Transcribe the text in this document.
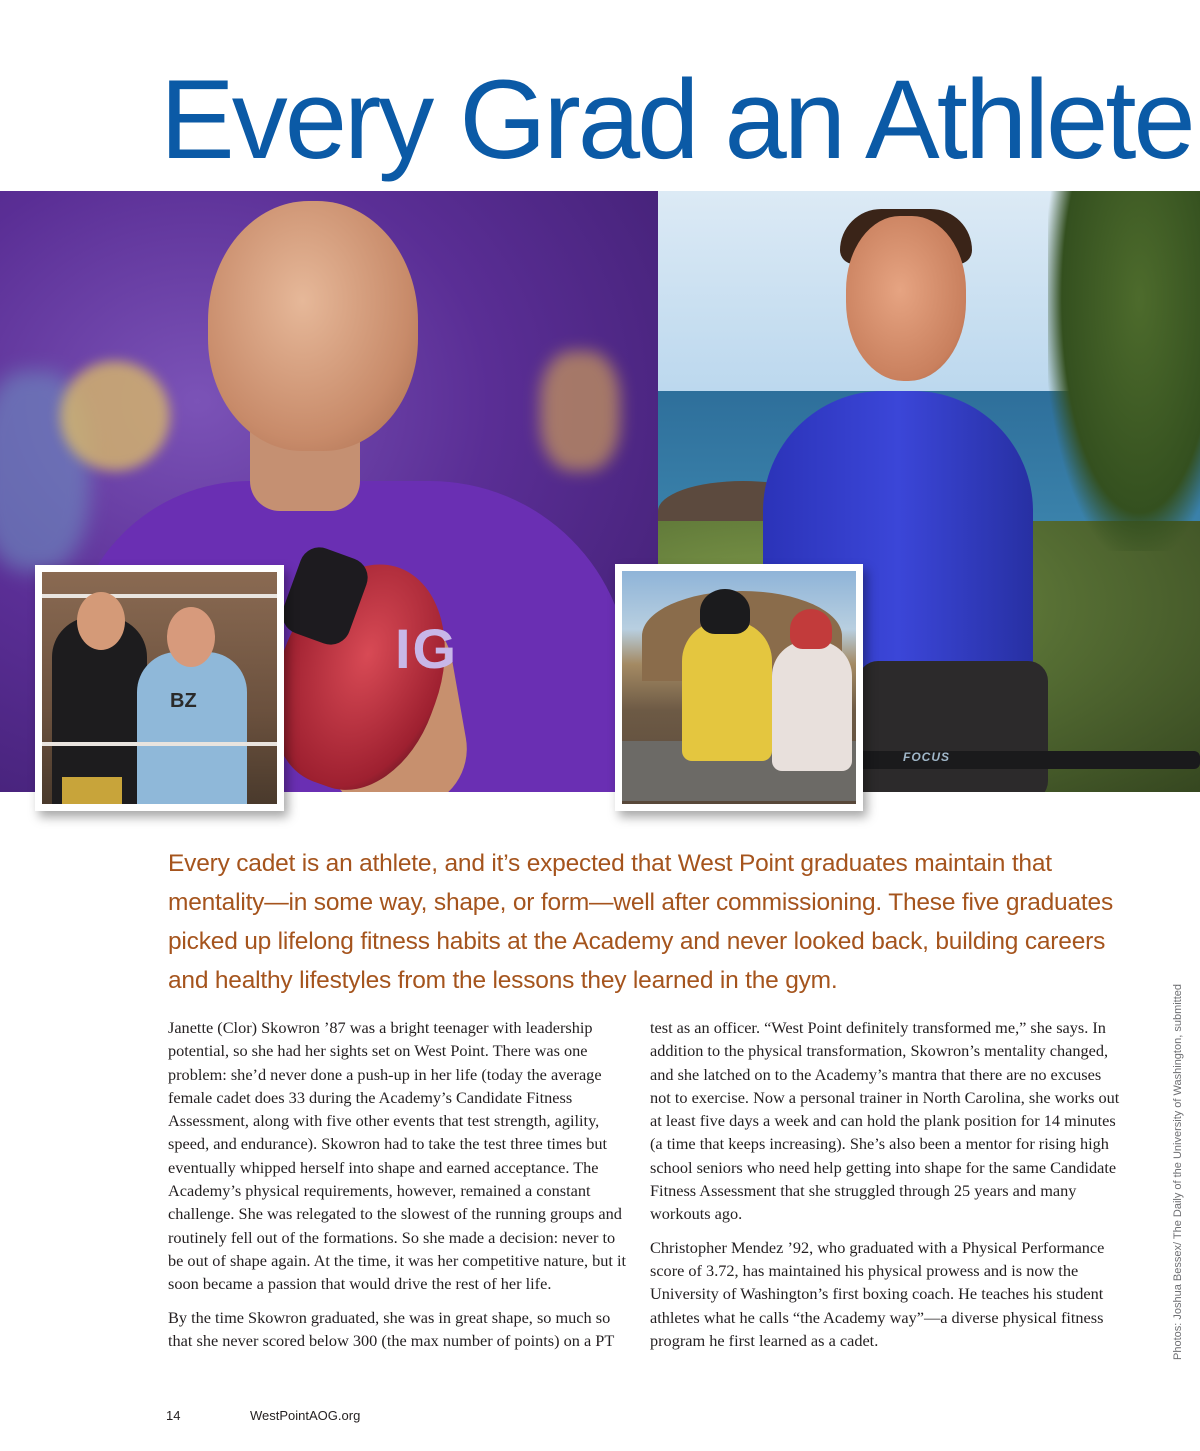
Every Grad an Athlete
IG
FOCUS
BZ

Every cadet is an athlete, and it’s expected that West Point graduates maintain that mentality—in some way, shape, or form—well after commissioning. These five graduates picked up lifelong fitness habits at the Academy and never looked back, building careers and healthy lifestyles from the lessons they learned in the gym.

Janette (Clor) Skowron ’87 was a bright teenager with leadership potential, so she had her sights set on West Point. There was one problem: she’d never done a push-up in her life (today the average female cadet does 33 during the Academy’s Candidate Fitness Assessment, along with five other events that test strength, agility, speed, and endurance). Skowron had to take the test three times but eventually whipped herself into shape and earned acceptance. The Academy’s physical requirements, however, remained a constant challenge. She was relegated to the slowest of the running groups and routinely fell out of the formations. So she made a decision: never to be out of shape again. At the time, it was her competitive nature, but it soon became a passion that would drive the rest of her life.

By the time Skowron graduated, she was in great shape, so much so that she never scored below 300 (the max number of points) on a PT

test as an officer. “West Point definitely transformed me,” she says. In addition to the physical transformation, Skowron’s mentality changed, and she latched on to the Academy’s mantra that there are no excuses not to exercise. Now a personal trainer in North Carolina, she works out at least five days a week and can hold the plank position for 14 minutes (a time that keeps increasing). She’s also been a mentor for rising high school seniors who need help getting into shape for the same Candidate Fitness Assessment that she struggled through 25 years and many workouts ago.

Christopher Mendez ’92, who graduated with a Physical Performance score of 3.72, has maintained his physical prowess and is now the University of Washington’s first boxing coach. He teaches his student athletes what he calls “the Academy way”—a diverse physical fitness program he first learned as a cadet.	Photos: Joshua Bessex/ The Daily of the University of Washington, submitted
14	WestPointAOG.org
